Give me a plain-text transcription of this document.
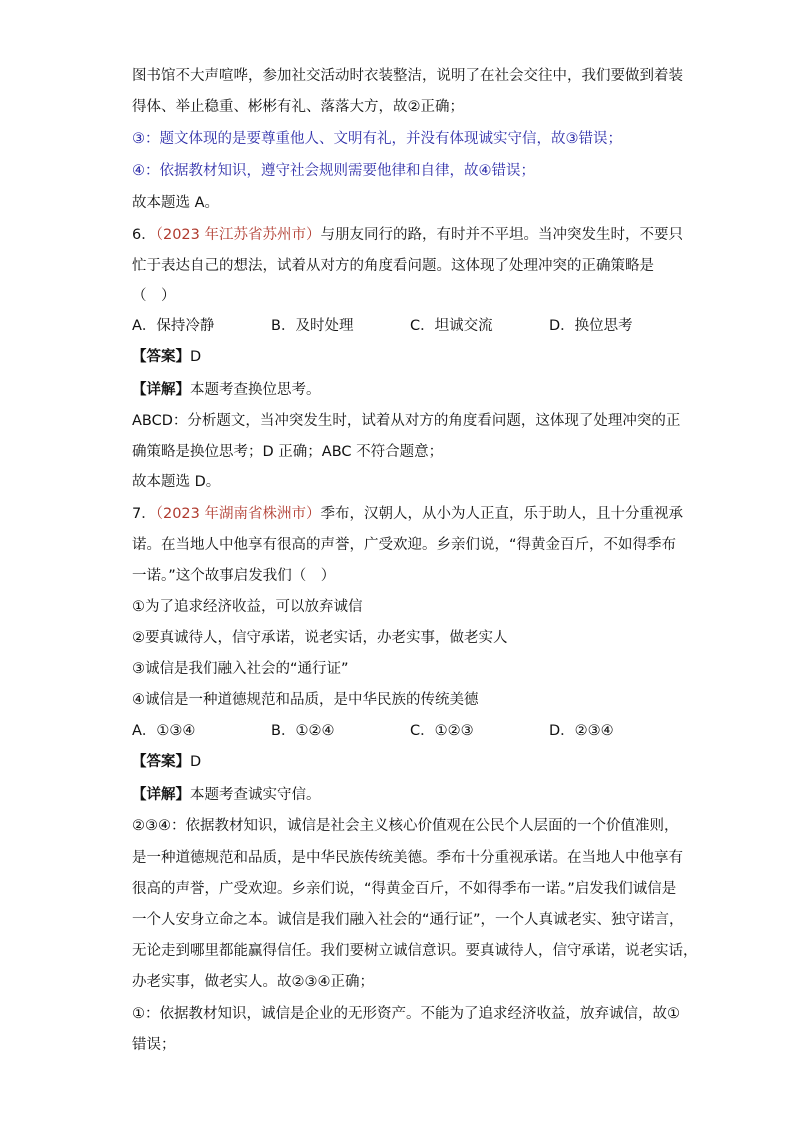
图书馆不大声喧哗，参加社交活动时衣装整洁，说明了在社会交往中，我们要做到着装
得体、举止稳重、彬彬有礼、落落大方，故②正确；
③：题文体现的是要尊重他人、文明有礼，并没有体现诚实守信，故③错误；
④：依据教材知识，遵守社会规则需要他律和自律，故④错误；
故本题选 A。
6．（2023 年江苏省苏州市）与朋友同行的路，有时并不平坦。当冲突发生时，不要只
忙于表达自己的想法，试着从对方的角度看问题。这体现了处理冲突的正确策略是
（　）
A．保持冷静	B．及时处理	C．坦诚交流	D．换位思考
【答案】D
【详解】本题考查换位思考。
ABCD：分析题文，当冲突发生时，试着从对方的角度看问题，这体现了处理冲突的正
确策略是换位思考；D 正确；ABC 不符合题意；
故本题选 D。
7．（2023 年湖南省株洲市）季布，汉朝人，从小为人正直，乐于助人，且十分重视承
诺。在当地人中他享有很高的声誉，广受欢迎。乡亲们说，“得黄金百斤，不如得季布
一诺。”这个故事启发我们（　）
①为了追求经济收益，可以放弃诚信
②要真诚待人，信守承诺，说老实话，办老实事，做老实人
③诚信是我们融入社会的“通行证”
④诚信是一种道德规范和品质，是中华民族的传统美德
A．①③④	B．①②④	C．①②③	D．②③④
【答案】D
【详解】本题考查诚实守信。
②③④：依据教材知识，诚信是社会主义核心价值观在公民个人层面的一个价值准则，
是一种道德规范和品质，是中华民族传统美德。季布十分重视承诺。在当地人中他享有
很高的声誉，广受欢迎。乡亲们说，“得黄金百斤，不如得季布一诺。”启发我们诚信是
一个人安身立命之本。诚信是我们融入社会的“通行证”，一个人真诚老实、独守诺言，
无论走到哪里都能赢得信任。我们要树立诚信意识。要真诚待人，信守承诺，说老实话，
办老实事，做老实人。故②③④正确；
①：依据教材知识，诚信是企业的无形资产。不能为了追求经济收益，放弃诚信，故①
错误；
